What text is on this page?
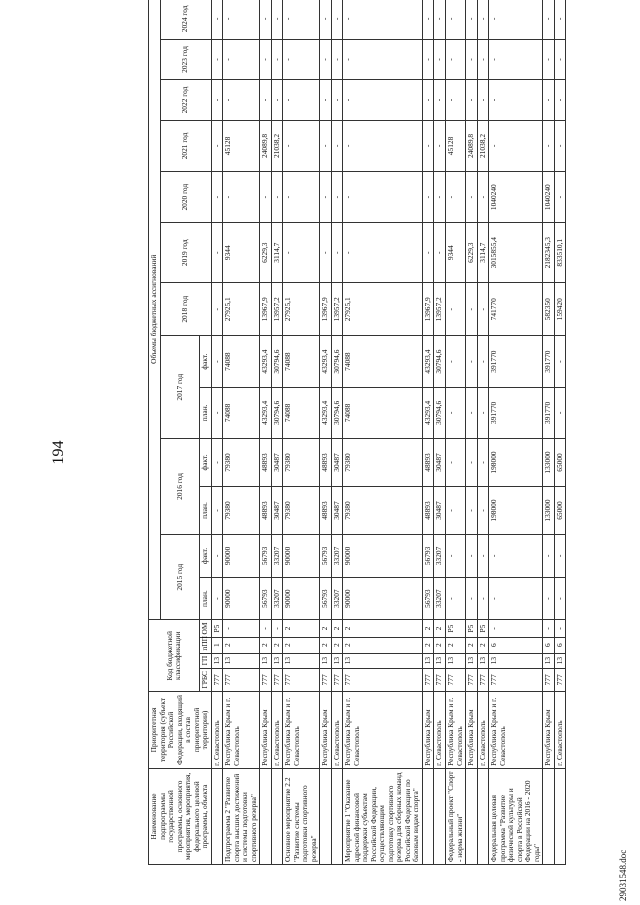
194
Наименование подпрограммы государственной программы, основного мероприятия, мероприятия, федерального целевой программы, объекта	Приоритетная территория (субъект Российской Федерации, входящий в состав приоритетной территории)	Код бюджетной классификации				Объемы бюджетных ассигнований												
						2015 год		2016 год		2017 год		2018 год	2019 год	2020 год	2021 год	2022 год	2023 год	2024 год
		ГРБС	ГП	пПП	ОМ	план.	факт.	план.	факт.	план.	факт.							
	г. Севастополь	777	13	1	Р5	-	-	-	-	-	-	-	-	-	-	-	-	-
Подпрограмма 2 "Развитие спорта высших достижений и системы подготовки спортивного резерва"	Республика Крым и г. Севастополь	777	13	2	-	90000	90000	79380	79380	74088	74088	27925,1	9344	-	45128	-	-	-
	Республика Крым	777	13	2	-	56793	56793	48893	48893	43293,4	43293,4	13967,9	6229,3	-	24089,8	-	-	-
	г. Севастополь	777	13	2	-	33207	33207	30487	30487	30794,6	30794,6	13957,2	3114,7	-	21038,2	-	-	-
Основное мероприятие 2.2 "Развитие системы подготовки спортивного резерва"	Республика Крым и г. Севастополь	777	13	2	2	90000	90000	79380	79380	74088	74088	27925,1	-	-	-	-	-	-
	Республика Крым	777	13	2	2	56793	56793	48893	48893	43293,4	43293,4	13967,9	-	-	-	-	-	-
	г. Севастополь	777	13	2	2	33207	33207	30487	30487	30794,6	30794,6	13957,2	-	-	-	-	-	-
Мероприятие 1 "Оказание адресной финансовой поддержки субъектам Российской Федерации, осуществляющим подготовку спортивного резерва для сборных команд Российской Федерации по базовым видам спорта"	Республика Крым и г. Севастополь	777	13	2	2	90000	90000	79380	79380	74088	74088	27925,1	-	-	-	-	-	-
	Республика Крым	777	13	2	2	56793	56793	48893	48893	43293,4	43293,4	13967,9	-	-	-	-	-	-
	г. Севастополь	777	13	2	2	33207	33207	30487	30487	30794,6	30794,6	13957,2	-	-	-	-	-	-
Федеральный проект "Спорт - норма жизни"	Республика Крым и г. Севастополь	777	13	2	Р5	-	-	-	-	-	-	-	9344	-	45128	-	-	-
	Республика Крым	777	13	2	Р5	-	-	-	-	-	-	-	6229,3	-	24089,8	-	-	-
	г. Севастополь	777	13	2	Р5	-	-	-	-	-	-	-	3114,7	-	21038,2	-	-	-
Федеральная целевая программа "Развитие физической культуры и спорта в Российской Федерации на 2016 - 2020 годы"	Республика Крым и г. Севастополь	777	13	6	-	-	-	198000	198000	391770	391770	741770	3015855,4	1040240	-	-	-	-
	Республика Крым	777	13	6	-	-	-	133000	133000	391770	391770	582350	2182345,3	1040240	-	-	-	-
	г. Севастополь	777	13	6	-	-	-	65000	65000	-	-	159420	833510,1	-	-	-	-	-
29031548.doc
